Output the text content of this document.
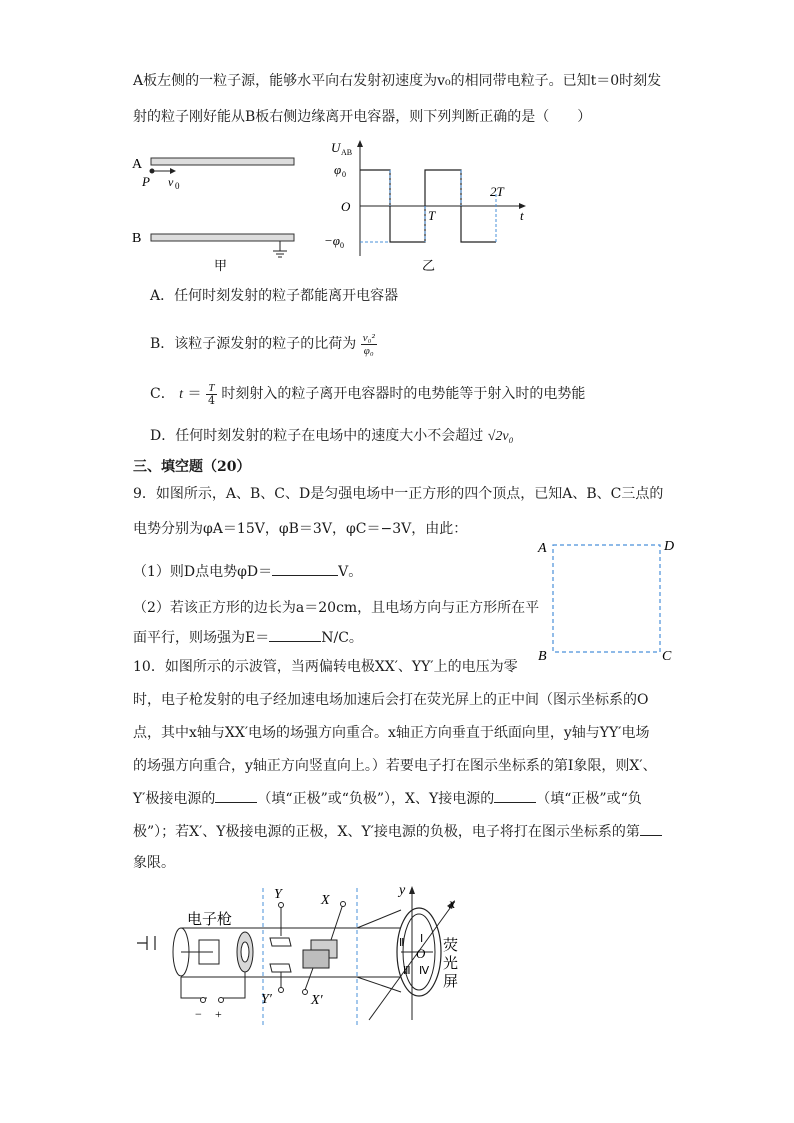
A板左侧的一粒子源，能够水平向右发射初速度为v₀的相同带电粒子。已知t＝0时刻发
射的粒子刚好能从B板右侧边缘离开电容器，则下列判断正确的是（　　）
A
P v 0
B
甲
U AB
t
φ 0
O
−φ 0
T
2T
乙
A．任何时刻发射的粒子都能离开电容器
B．该粒子源发射的粒子的比荷为 $\frac{\text{v₀²}}{\text{φ₀}}$
C． $t = \frac{T}{4}$ 时刻射入的粒子离开电容器时的电势能等于射入时的电势能
D．任何时刻发射的粒子在电场中的速度大小不会超过 √2v₀
三、填空题（20）
9．如图所示，A、B、C、D是匀强电场中一正方形的四个顶点，已知A、B、C三点的
电势分别为φA＝15V，φB＝3V，φC＝−3V，由此：
（1）则D点电势φD＝	V。
（2）若该正方形的边长为a＝20cm，且电场方向与正方形所在平
面平行，则场强为E＝	N/C。
A	D
B	C
10．如图所示的示波管，当两偏转电极XX′、YY′上的电压为零
时，电子枪发射的电子经加速电场加速后会打在荧光屏上的正中间（图示坐标系的O
点，其中x轴与XX′电场的场强方向重合。x轴正方向垂直于纸面向里，y轴与YY′电场
的场强方向重合，y轴正方向竖直向上。）若要电子打在图示坐标系的第Ⅰ象限，则X′、
Y′极接电源的	（填“正极”或“负极”），X、Y接电源的	（填“正极”或“负
极”）；若X′、Y极接电源的正极，X、Y′接电源的负极，电子将打在图示坐标系的第
象限。
电子枪
− +
Y
Y′
X
X′
y
x
O
Ⅰ
Ⅱ
Ⅲ Ⅳ
荧
光
屏
